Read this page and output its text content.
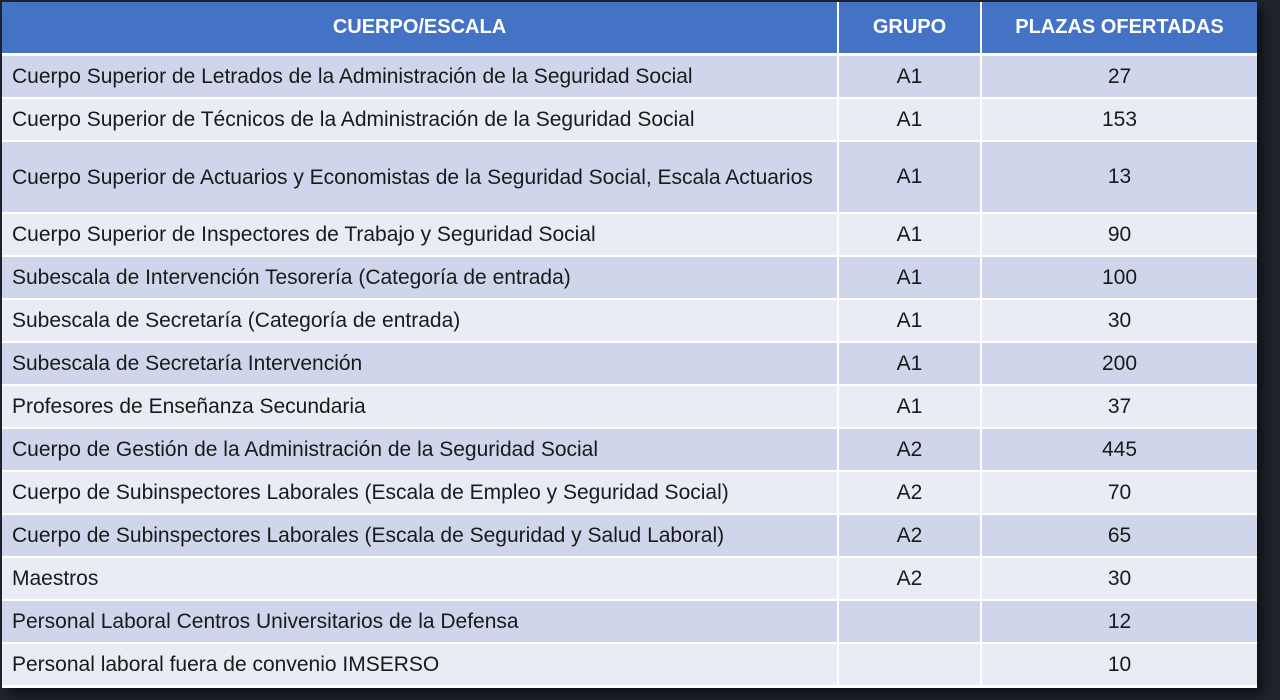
CUERPO/ESCALA	GRUPO	PLAZAS OFERTADAS
Cuerpo Superior de Letrados de la Administración de la Seguridad Social	A1	27
Cuerpo Superior de Técnicos de la Administración de la Seguridad Social	A1	153
Cuerpo Superior de Actuarios y Economistas de la Seguridad Social, Escala Actuarios	A1	13
Cuerpo Superior de Inspectores de Trabajo y Seguridad Social	A1	90
Subescala de Intervención Tesorería (Categoría de entrada)	A1	100
Subescala de Secretaría (Categoría de entrada)	A1	30
Subescala de Secretaría Intervención	A1	200
Profesores de Enseñanza Secundaria	A1	37
Cuerpo de Gestión de la Administración de la Seguridad Social	A2	445
Cuerpo de Subinspectores Laborales (Escala de Empleo y Seguridad Social)	A2	70
Cuerpo de Subinspectores Laborales (Escala de Seguridad y Salud Laboral)	A2	65
Maestros	A2	30
Personal Laboral Centros Universitarios de la Defensa		12
Personal laboral fuera de convenio IMSERSO		10
